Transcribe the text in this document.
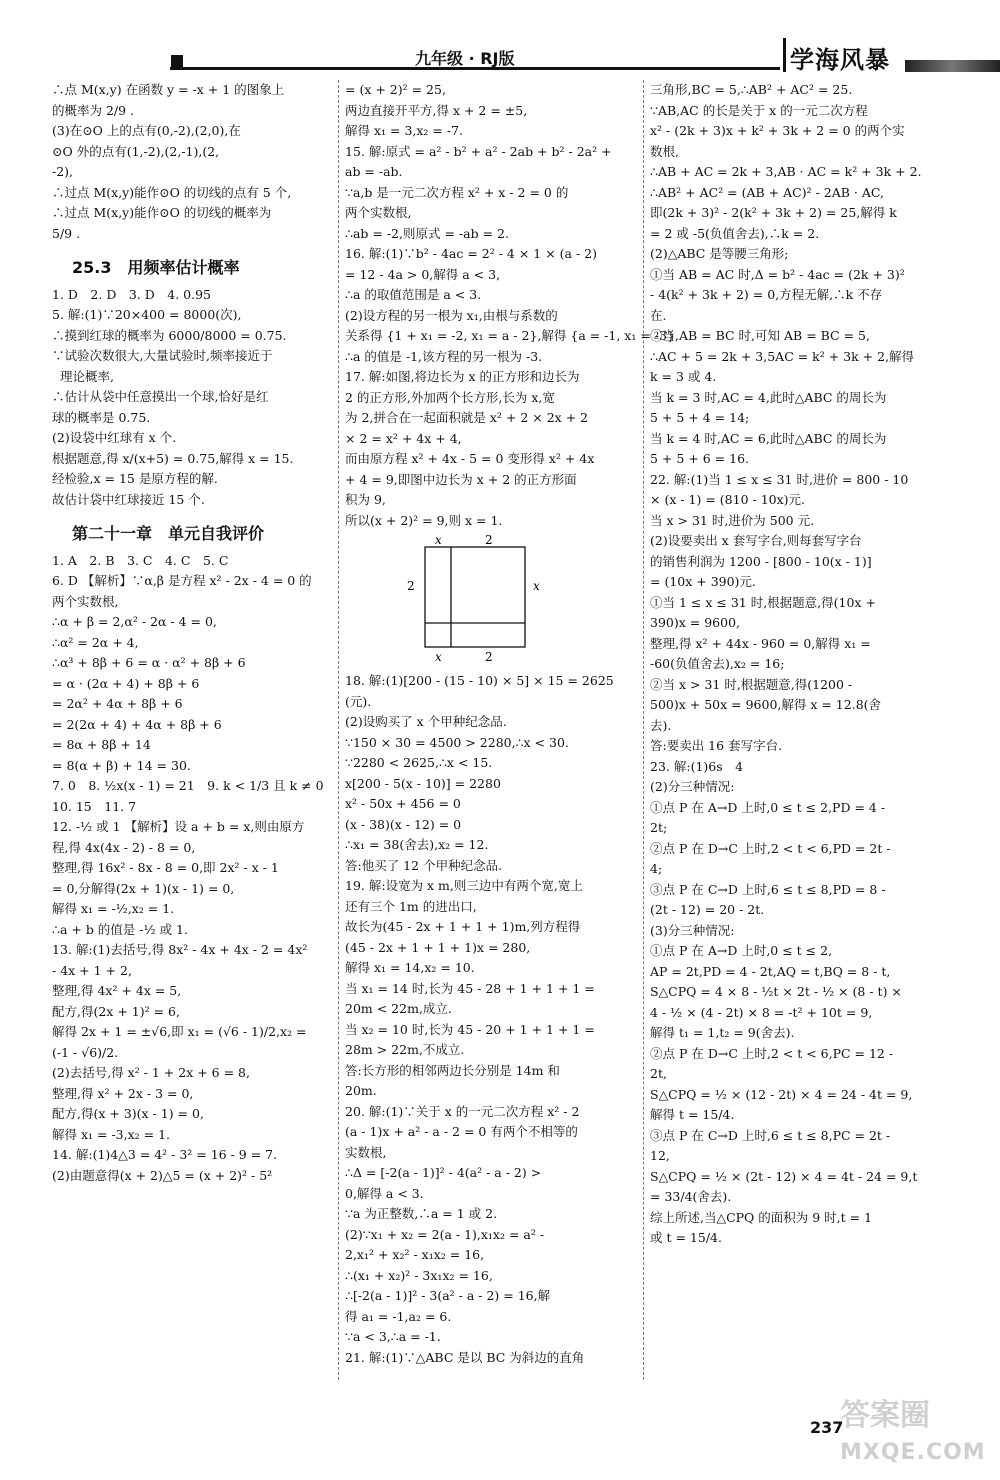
九年级 · RJ版	学海风暴

∴点 M(x,y) 在函数 y = -x + 1 的图象上

的概率为 2/9 .

(3)在⊙O 上的点有(0,-2),(2,0),在

⊙O 外的点有(1,-2),(2,-1),(2,

-2),

∴过点 M(x,y)能作⊙O 的切线的点有 5 个,

∴过点 M(x,y)能作⊙O 的切线的概率为

5/9 .

25.3　用频率估计概率

1. D　2. D　3. D　4. 0.95

5. 解:(1)∵20×400 = 8000(次),

∴摸到红球的概率为 6000/8000 = 0.75.

∵试验次数很大,大量试验时,频率接近于

理论概率,

∴估计从袋中任意摸出一个球,恰好是红

球的概率是 0.75.

(2)设袋中红球有 x 个.

根据题意,得 x/(x+5) = 0.75,解得 x = 15.

经检验,x = 15 是原方程的解.

故估计袋中红球接近 15 个.

第二十一章　单元自我评价

1. A　2. B　3. C　4. C　5. C

6. D 【解析】∵α,β 是方程 x² - 2x - 4 = 0 的

两个实数根,

∴α + β = 2,α² - 2α - 4 = 0,

∴α² = 2α + 4,

∴α³ + 8β + 6 = α · α² + 8β + 6

= α · (2α + 4) + 8β + 6

= 2α² + 4α + 8β + 6

= 2(2α + 4) + 4α + 8β + 6

= 8α + 8β + 14

= 8(α + β) + 14 = 30.

7. 0　8. ½x(x - 1) = 21　9. k < 1/3 且 k ≠ 0

10. 15　11. 7

12. -½ 或 1 【解析】设 a + b = x,则由原方

程,得 4x(4x - 2) - 8 = 0,

整理,得 16x² - 8x - 8 = 0,即 2x² - x - 1

= 0,分解得(2x + 1)(x - 1) = 0,

解得 x₁ = -½,x₂ = 1.

∴a + b 的值是 -½ 或 1.

13. 解:(1)去括号,得 8x² - 4x + 4x - 2 = 4x²

- 4x + 1 + 2,

整理,得 4x² + 4x = 5,

配方,得(2x + 1)² = 6,

解得 2x + 1 = ±√6,即 x₁ = (√6 - 1)/2,x₂ =

(-1 - √6)/2.

(2)去括号,得 x² - 1 + 2x + 6 = 8,

整理,得 x² + 2x - 3 = 0,

配方,得(x + 3)(x - 1) = 0,

解得 x₁ = -3,x₂ = 1.

14. 解:(1)4△3 = 4² - 3² = 16 - 9 = 7.

(2)由题意得(x + 2)△5 = (x + 2)² - 5²

= (x + 2)² = 25,

两边直接开平方,得 x + 2 = ±5,

解得 x₁ = 3,x₂ = -7.

15. 解:原式 = a² - b² + a² - 2ab + b² - 2a² +

ab = -ab.

∵a,b 是一元二次方程 x² + x - 2 = 0 的

两个实数根,

∴ab = -2,则原式 = -ab = 2.

16. 解:(1)∵b² - 4ac = 2² - 4 × 1 × (a - 2)

= 12 - 4a > 0,解得 a < 3,

∴a 的取值范围是 a < 3.

(2)设方程的另一根为 x₁,由根与系数的

关系得 {1 + x₁ = -2, x₁ = a - 2},解得 {a = -1, x₁ = -3},

∴a 的值是 -1,该方程的另一根为 -3.

17. 解:如图,将边长为 x 的正方形和边长为

2 的正方形,外加两个长方形,长为 x,宽

为 2,拼合在一起面积就是 x² + 2 × 2x + 2

× 2 = x² + 4x + 4,

而由原方程 x² + 4x - 5 = 0 变形得 x² + 4x

+ 4 = 9,即图中边长为 x + 2 的正方形面

积为 9,

所以(x + 2)² = 9,则 x = 1.

x	2
2	x
x	2

18. 解:(1)[200 - (15 - 10) × 5] × 15 = 2625

(元).

(2)设购买了 x 个甲种纪念品.

∵150 × 30 = 4500 > 2280,∴x < 30.

∵2280 < 2625,∴x < 15.

x[200 - 5(x - 10)] = 2280

x² - 50x + 456 = 0

(x - 38)(x - 12) = 0

∴x₁ = 38(舍去),x₂ = 12.

答:他买了 12 个甲种纪念品.

19. 解:设宽为 x m,则三边中有两个宽,宽上

还有三个 1m 的进出口,

故长为(45 - 2x + 1 + 1 + 1)m,列方程得

(45 - 2x + 1 + 1 + 1)x = 280,

解得 x₁ = 14,x₂ = 10.

当 x₁ = 14 时,长为 45 - 28 + 1 + 1 + 1 =

20m < 22m,成立.

当 x₂ = 10 时,长为 45 - 20 + 1 + 1 + 1 =

28m > 22m,不成立.

答:长方形的相邻两边长分别是 14m 和

20m.

20. 解:(1)∵关于 x 的一元二次方程 x² - 2

(a - 1)x + a² - a - 2 = 0 有两个不相等的

实数根,

∴Δ = [-2(a - 1)]² - 4(a² - a - 2) >

0,解得 a < 3.

∵a 为正整数,∴a = 1 或 2.

(2)∵x₁ + x₂ = 2(a - 1),x₁x₂ = a² -

2,x₁² + x₂² - x₁x₂ = 16,

∴(x₁ + x₂)² - 3x₁x₂ = 16,

∴[-2(a - 1)]² - 3(a² - a - 2) = 16,解

得 a₁ = -1,a₂ = 6.

∵a < 3,∴a = -1.

21. 解:(1)∵△ABC 是以 BC 为斜边的直角

三角形,BC = 5,∴AB² + AC² = 25.

∵AB,AC 的长是关于 x 的一元二次方程

x² - (2k + 3)x + k² + 3k + 2 = 0 的两个实

数根,

∴AB + AC = 2k + 3,AB · AC = k² + 3k + 2.

∴AB² + AC² = (AB + AC)² - 2AB · AC,

即(2k + 3)² - 2(k² + 3k + 2) = 25,解得 k

= 2 或 -5(负值舍去),∴k = 2.

(2)△ABC 是等腰三角形;

①当 AB = AC 时,Δ = b² - 4ac = (2k + 3)²

- 4(k² + 3k + 2) = 0,方程无解,∴k 不存

在.

②当 AB = BC 时,可知 AB = BC = 5,

∴AC + 5 = 2k + 3,5AC = k² + 3k + 2,解得

k = 3 或 4.

当 k = 3 时,AC = 4,此时△ABC 的周长为

5 + 5 + 4 = 14;

当 k = 4 时,AC = 6,此时△ABC 的周长为

5 + 5 + 6 = 16.

22. 解:(1)当 1 ≤ x ≤ 31 时,进价 = 800 - 10

× (x - 1) = (810 - 10x)元.

当 x > 31 时,进价为 500 元.

(2)设要卖出 x 套写字台,则每套写字台

的销售利润为 1200 - [800 - 10(x - 1)]

= (10x + 390)元.

①当 1 ≤ x ≤ 31 时,根据题意,得(10x +

390)x = 9600,

整理,得 x² + 44x - 960 = 0,解得 x₁ =

-60(负值舍去),x₂ = 16;

②当 x > 31 时,根据题意,得(1200 -

500)x + 50x = 9600,解得 x = 12.8(舍

去).

答:要卖出 16 套写字台.

23. 解:(1)6s　4

(2)分三种情况:

①点 P 在 A→D 上时,0 ≤ t ≤ 2,PD = 4 -

2t;

②点 P 在 D→C 上时,2 < t < 6,PD = 2t -

4;

③点 P 在 C→D 上时,6 ≤ t ≤ 8,PD = 8 -

(2t - 12) = 20 - 2t.

(3)分三种情况:

①点 P 在 A→D 上时,0 ≤ t ≤ 2,

AP = 2t,PD = 4 - 2t,AQ = t,BQ = 8 - t,

S△CPQ = 4 × 8 - ½t × 2t - ½ × (8 - t) ×

4 - ½ × (4 - 2t) × 8 = -t² + 10t = 9,

解得 t₁ = 1,t₂ = 9(舍去).

②点 P 在 D→C 上时,2 < t < 6,PC = 12 -

2t,

S△CPQ = ½ × (12 - 2t) × 4 = 24 - 4t = 9,

解得 t = 15/4.

③点 P 在 C→D 上时,6 ≤ t ≤ 8,PC = 2t -

12,

S△CPQ = ½ × (2t - 12) × 4 = 4t - 24 = 9,t

= 33/4(舍去).

综上所述,当△CPQ 的面积为 9 时,t = 1

或 t = 15/4.

237
答案圈
MXQE.COM
